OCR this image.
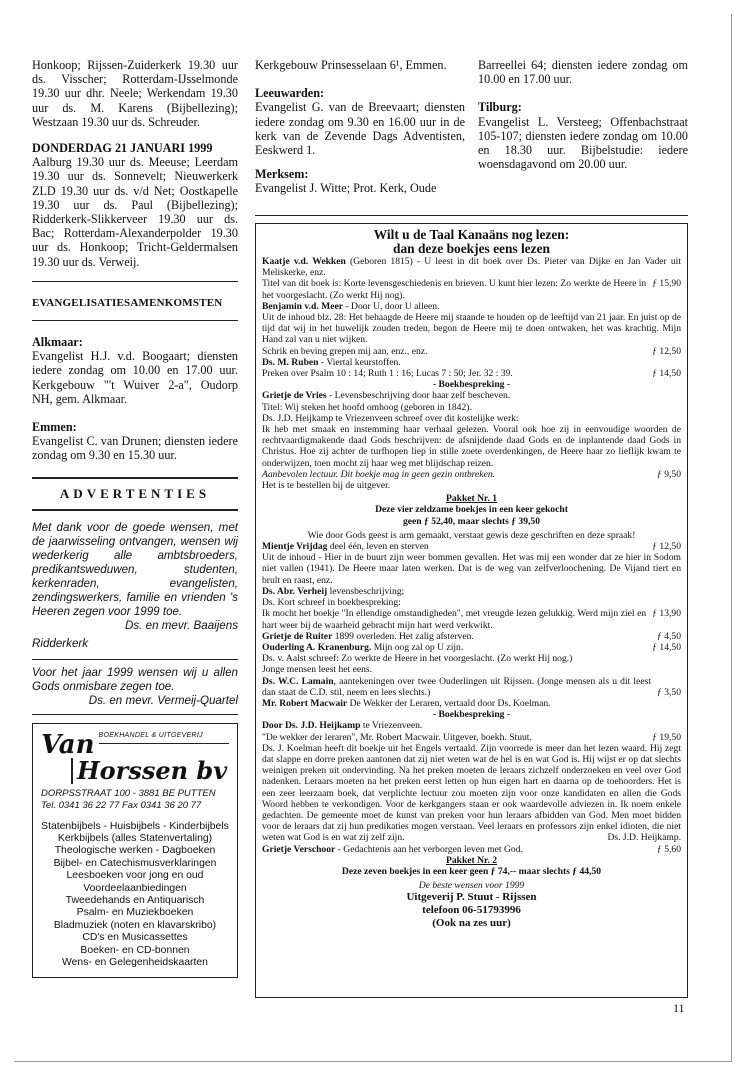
Honkoop; Rijssen-Zuiderkerk 19.30 uur ds. Visscher; Rotterdam-IJsselmonde 19.30 uur dhr. Neele; Werkendam 19.30 uur ds. M. Karens (Bijbellezing); Westzaan 19.30 uur ds. Schreuder.
DONDERDAG 21 JANUARI 1999
Aalburg 19.30 uur ds. Meeuse; Leerdam 19.30 uur ds. Sonnevelt; Nieuwerkerk ZLD 19.30 uur ds. v/d Net; Oostkapelle 19.30 uur ds. Paul (Bijbellezing); Ridderkerk-Slikkerveer 19.30 uur ds. Bac; Rotterdam-Alexanderpolder 19.30 uur ds. Honkoop; Tricht-Geldermalsen 19.30 uur ds. Verweij.
EVANGELISATIESAMENKOMSTEN
Alkmaar:
Evangelist H.J. v.d. Boogaart; diensten iedere zondag om 10.00 en 17.00 uur. Kerkgebouw "'t Wuiver 2-a", Oudorp NH, gem. Alkmaar.
Emmen:
Evangelist C. van Drunen; diensten iedere zondag om 9.30 en 15.30 uur.
ADVERTENTIES
Met dank voor de goede wensen, met de jaarwisseling ontvangen, wensen wij wederkerig alle ambtsbroeders, predikantsweduwen, studenten, kerkenraden, evangelisten, zendingswerkers, familie en vrienden 's Heeren zegen voor 1999 toe.
Ds. en mevr. Baaijens
Ridderkerk
Voor het jaar 1999 wensen wij u allen Gods onmisbare zegen toe.
Ds. en mevr. Vermeij-Quartel
Van BOEKHANDEL & UITGEVERIJ
Horssen bv
DORPSSTRAAT 100 - 3881 BE PUTTEN
Tel. 0341 36 22 77 Fax 0341 36 20 77
Statenbijbels - Huisbijbels - Kinderbijbels
Kerkbijbels (alles Statenvertaling)
Theologische werken - Dagboeken
Bijbel- en Catechismusverklaringen
Leesboeken voor jong en oud
Voordeelaanbiedingen
Tweedehands en Antiquarisch
Psalm- en Muziekboeken
Bladmuziek (noten en klavarskribo)
CD's en Musicassettes
Boeken- en CD-bonnen
Wens- en Gelegenheidskaarten
Kerkgebouw Prinsesselaan 6¹, Emmen.
Leeuwarden:
Evangelist G. van de Breevaart; diensten iedere zondag om 9.30 en 16.00 uur in de kerk van de Zevende Dags Adventisten, Eeskwerd 1.
Merksem:
Evangelist J. Witte; Prot. Kerk, Oude
Barreellei 64; diensten iedere zondag om 10.00 en 17.00 uur.
Tilburg:
Evangelist L. Versteeg; Offenbachstraat 105-107; diensten iedere zondag om 10.00 en 18.30 uur. Bijbelstudie: iedere woensdagavond om 20.00 uur.
Wilt u de Taal Kanaäns nog lezen:
dan deze boekjes eens lezen
Kaatje v.d. Wekken (Geboren 1815) - U leest in dit boek over Ds. Pieter van Dijke en Jan Vader uit Meliskerke, enz.
Titel van dit boek is: Korte levensgeschiedenis en brieven. U kunt hier lezen: Zo werkte de Heere in het voorgeslacht. (Zo werkt Hij nog).
ƒ 15,90
Benjamin v.d. Meer - Door U, door U alleen.
Uit de inhoud blz. 28: Het behaagde de Heere mij staande te houden op de leeftijd van 21 jaar. En juist op de tijd dat wij in het huwelijk zouden treden, begon de Heere mij te doen ontwaken, het was krachtig. Mijn Hand zal van u niet wijken.
Schrik en beving grepen mij aan, enz., enz.	ƒ 12,50
Ds. M. Ruben - Viertal keurstoffen.
Preken over Psalm 10 : 14; Ruth 1 : 16; Lucas 7 : 50; Jer. 32 : 39.	ƒ 14,50
- Boekbespreking -
Grietje de Vries - Levensbeschrijving door haar zelf bescheven.
Titel: Wij steken het hoofd omhoog (geboren in 1842).
Ds. J.D. Heijkamp te Vriezenveen schreef over dit kostelijke werk:
Ik heb met smaak en instemming haar verhaal gelezen. Vooral ook hoe zij in eenvoudige woorden de rechtvaardigmakende daad Gods beschrijven: de afsnijdende daad Gods en de inplantende daad Gods in Christus. Hoe zij achter de turfhopen liep in stille zoete overdenkingen, de Heere haar zo lieflijk kwam te onderwijzen, toen mocht zij haar weg met blijdschap reizen.
Aanbevolen lectuur. Dit boekje mag in geen gezin ontbreken.	ƒ 9,50
Het is te bestellen bij de uitgever.
Pakket Nr. 1
Deze vier zeldzame boekjes in een keer gekocht
geen ƒ 52,40, maar slechts ƒ 39,50
Wie door Gods geest is arm gemaakt, verstaat gewis deze geschriften en deze spraak!
Mientje Vrijdag deel één, leven en sterven	ƒ 12,50
Uit de inhoud - Hier in de buurt zijn weer bommen gevallen. Het was mij een wonder dat ze hier in Sodom niet vallen (1941). De Heere maar laten werken. Dat is de weg van zelfverloochening. De Vijand tiert en brult en raast, enz.
Ds. Abr. Verheij levensbeschrijving;
Ds. Kort schreef in boekbespreking:
Ik mocht het boekje "In ellendige omstandigheden", met vreugde lezen gelukkig. Werd mijn ziel en hart weer bij de waarheid gebracht mijn hart werd verkwikt.
ƒ 13,90
Grietje de Ruiter 1899 overleden. Het zalig afsterven.	ƒ 4,50
Ouderling A. Kranenburg. Mijn oog zal op U zijn.	ƒ 14,50
Ds. v. Aalst schreef: Zo werkte de Heere in het voorgeslacht. (Zo werkt Hij nog.)
Jonge mensen leest het eens.
Ds. W.C. Lamain, aantekeningen over twee Ouderlingen uit Rijssen. (Jonge mensen als u dit leest dan staat de C.D. stil, neem en lees slechts.)	ƒ 3,50
Mr. Robert Macwair De Wekker der Leraren, vertaald door Ds. Koelman.
- Boekbespreking -
Door Ds. J.D. Heijkamp te Vriezenveen.
"De wekker der leraren", Mr. Robert Macwair. Uitgever, boekh. Stuut.	ƒ 19,50
Ds. J. Koelman heeft dit boekje uit het Engels vertaald. Zijn voorrede is meer dan het lezen waard. Hij zegt dat slappe en dorre preken aantonen dat zij niet weten wat de hel is en wat God is. Hij wijst er op dat slechts weinigen preken uit ondervinding. Na het preken moeten de leraars zichzelf onderzoeken en veel over God nadenken. Leraars moeten na het preken eerst letten op hun eigen hart en daarna op de toehoorders. Het is een zeer leerzaam boek, dat verplichte lectuur zou moeten zijn voor onze kandidaten en allen die Gods Woord hebben te verkondigen. Voor de kerkgangers staan er ook waardevolle adviezen in. Ik noem enkele gedachten. De gemeente moet de kunst van preken voor hun leraars afbidden van God. Men moet bidden voor de leraars dat zij hun predikaties mogen verstaan. Veel leraars en professors zijn enkel idioten, die niet weten wat God is en wat zij zelf zijn.	Ds. J.D. Heijkamp.
Grietje Verschoor - Gedachtenis aan het verborgen leven met God.	ƒ 5,60
Pakket Nr. 2
Deze zeven boekjes in een keer geen ƒ 74,-- maar slechts ƒ 44,50
De beste wensen voor 1999
Uitgeverij P. Stuut - Rijssen
telefoon 06-51793996
(Ook na zes uur)
11
